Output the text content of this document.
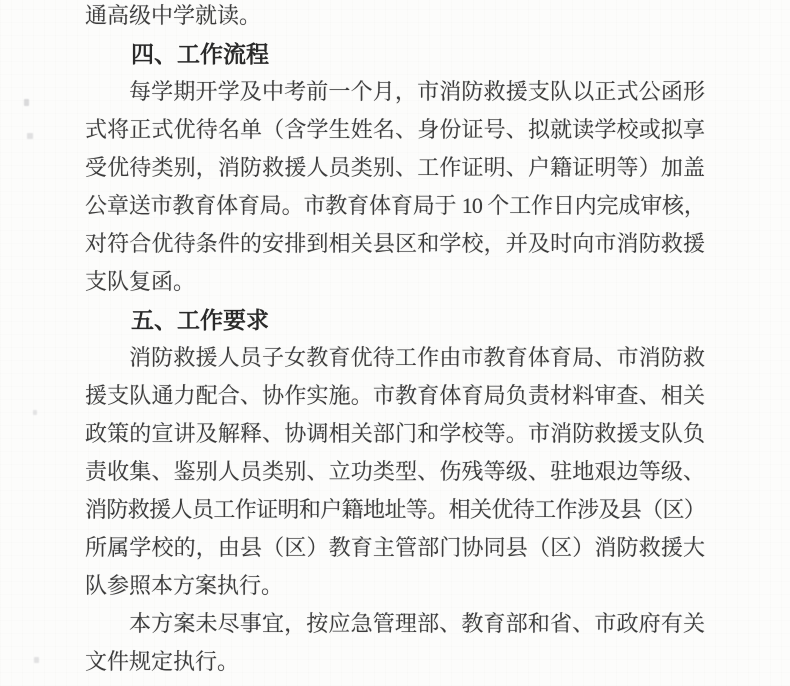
通高级中学就读。
四、工作流程
每学期开学及中考前一个月，市消防救援支队以正式公函形
式将正式优待名单（含学生姓名、身份证号、拟就读学校或拟享
受优待类别，消防救援人员类别、工作证明、户籍证明等）加盖
公章送市教育体育局。市教育体育局于 10 个工作日内完成审核，
对符合优待条件的安排到相关县区和学校，并及时向市消防救援
支队复函。
五、工作要求
消防救援人员子女教育优待工作由市教育体育局、市消防救
援支队通力配合、协作实施。市教育体育局负责材料审查、相关
政策的宣讲及解释、协调相关部门和学校等。市消防救援支队负
责收集、鉴别人员类别、立功类型、伤残等级、驻地艰边等级、
消防救援人员工作证明和户籍地址等。相关优待工作涉及县（区）
所属学校的，由县（区）教育主管部门协同县（区）消防救援大
队参照本方案执行。
本方案未尽事宜，按应急管理部、教育部和省、市政府有关
文件规定执行。
